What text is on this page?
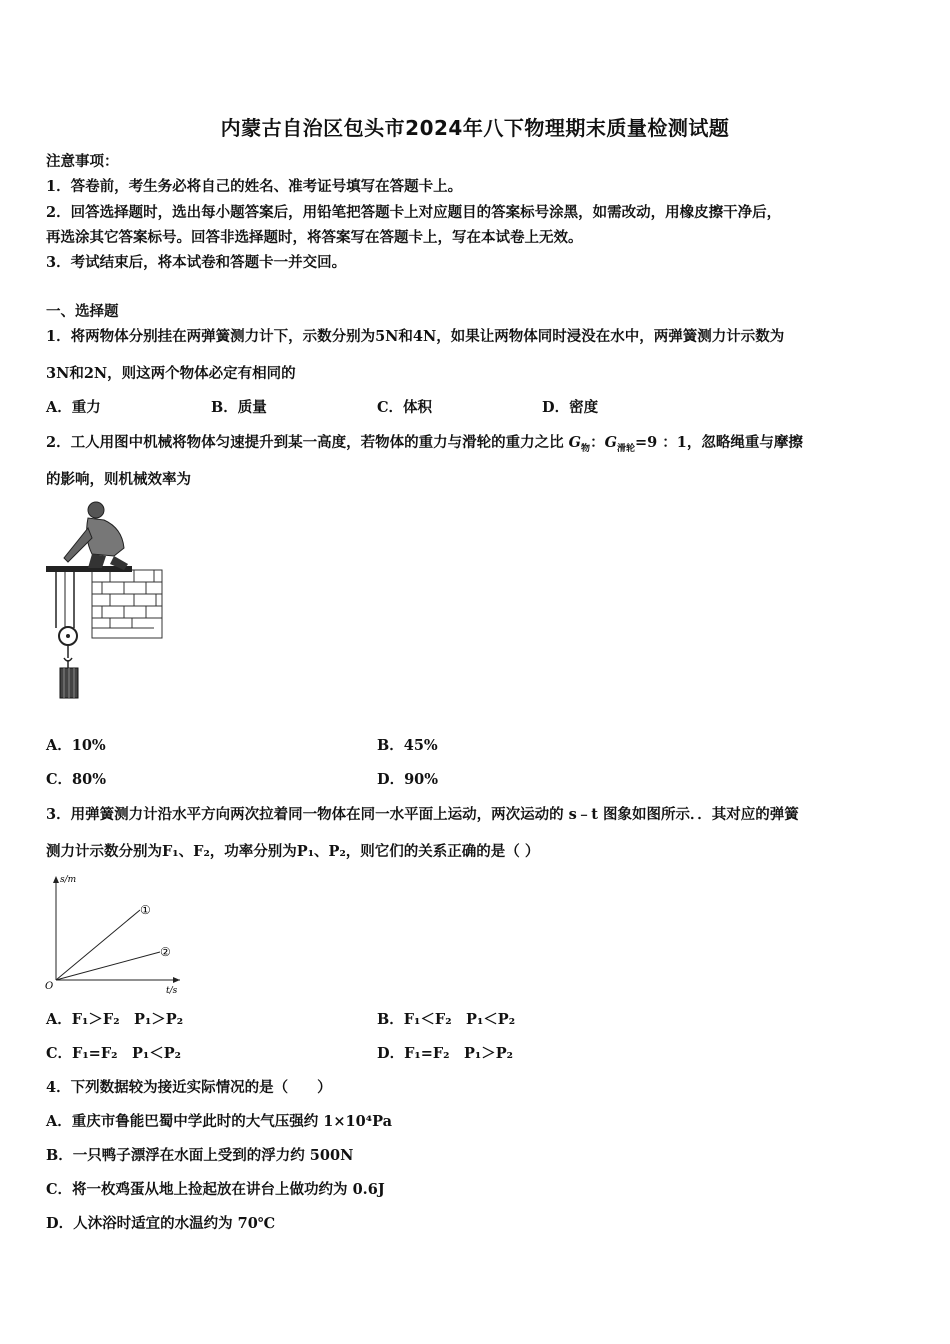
内蒙古自治区包头市2024年八下物理期末质量检测试题
注意事项：
1．答卷前，考生务必将自己的姓名、准考证号填写在答题卡上。
2．回答选择题时，选出每小题答案后，用铅笔把答题卡上对应题目的答案标号涂黑，如需改动，用橡皮擦干净后，
再选涂其它答案标号。回答非选择题时，将答案写在答题卡上，写在本试卷上无效。
3．考试结束后，将本试卷和答题卡一并交回。
一、选择题
1．将两物体分别挂在两弹簧测力计下，示数分别为5N和4N，如果让两物体同时浸没在水中，两弹簧测力计示数为
3N和2N，则这两个物体必定有相同的
A．重力	B．质量	C．体积	D．密度
2．工人用图中机械将物体匀速提升到某一高度，若物体的重力与滑轮的重力之比 $G_物$：$G_{滑轮}=9$ ：1，忽略绳重与摩擦
的影响，则机械效率为
A．10%	B．45%
C．80%	D．90%
3．用弹簧测力计沿水平方向两次拉着同一物体在同一水平面上运动，两次运动的 s﹣t 图象如图所示．．其对应的弹簧
测力计示数分别为F₁、F₂，功率分别为P₁、P₂，则它们的关系正确的是（ ）
s/m
t/s
O
①
②
A．F₁＞F₂　P₁＞P₂	B．F₁＜F₂　P₁＜P₂
C．F₁=F₂　P₁＜P₂	D．F₁=F₂　P₁＞P₂
4．下列数据较为接近实际情况的是（　　）
A．重庆市鲁能巴蜀中学此时的大气压强约 1×10⁴Pa
B．一只鸭子漂浮在水面上受到的浮力约 500N
C．将一枚鸡蛋从地上捡起放在讲台上做功约为 0.6J
D．人沐浴时适宜的水温约为 70℃
